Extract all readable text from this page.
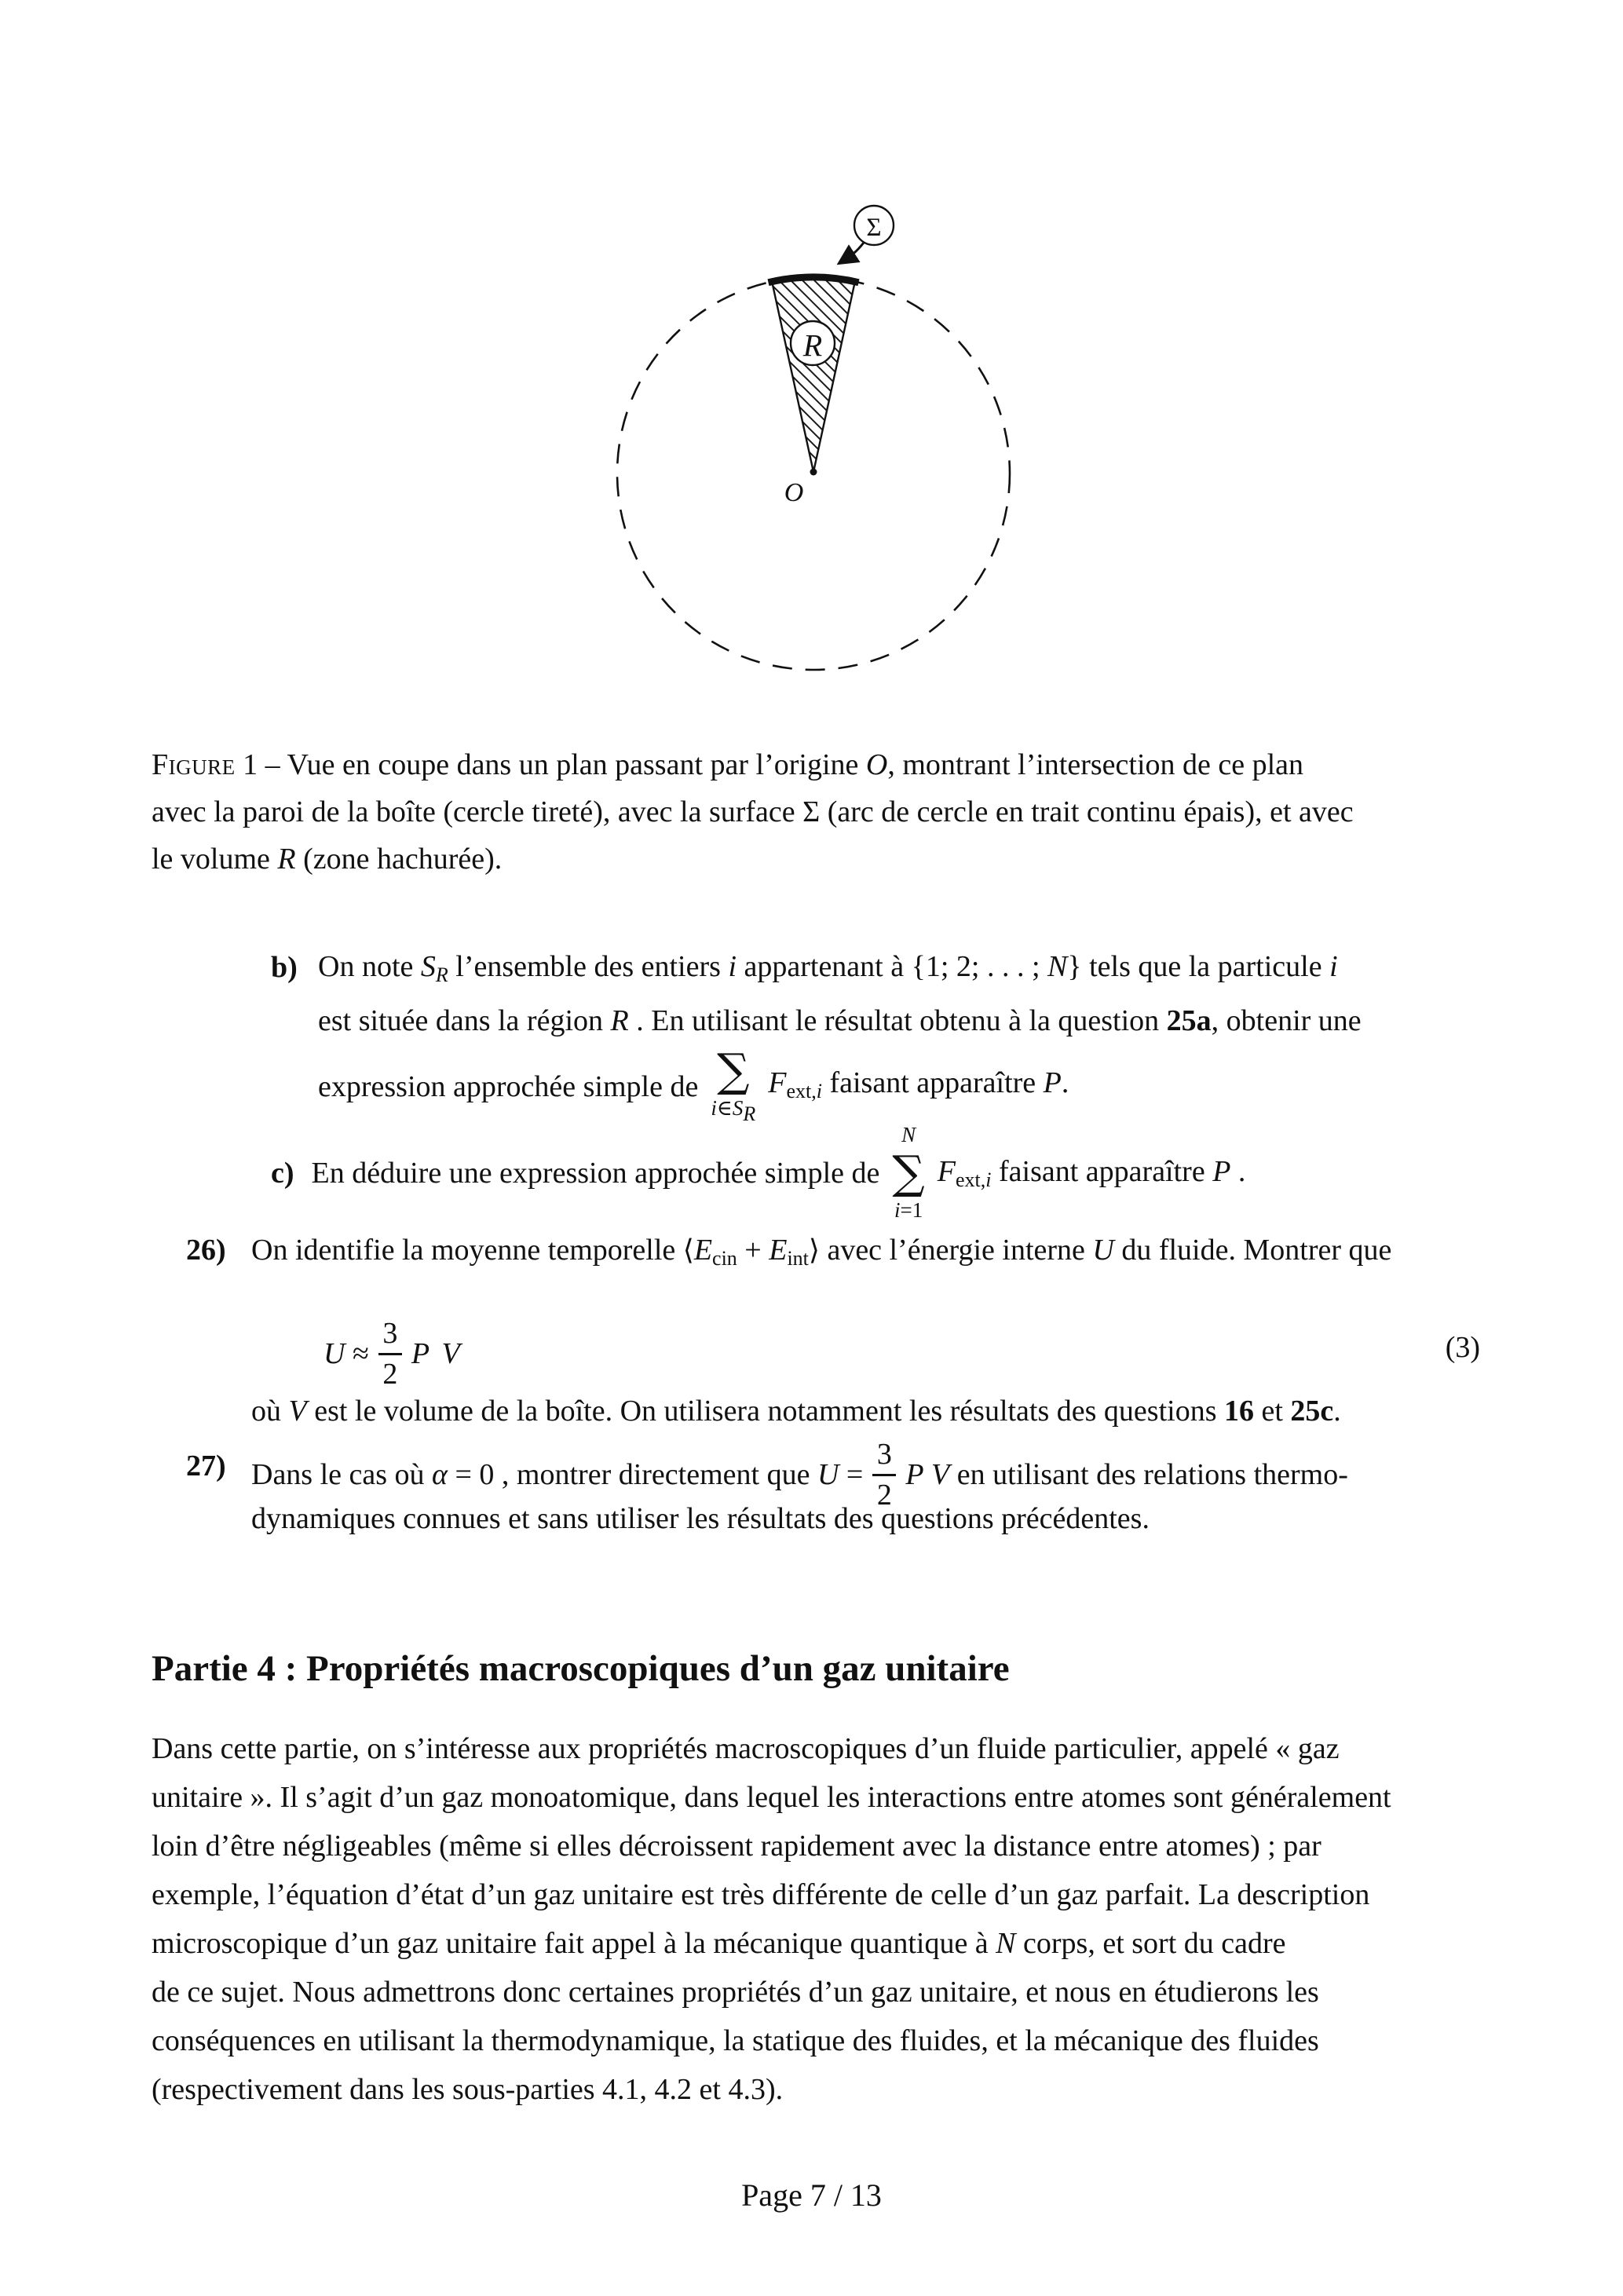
R
Σ
O
Figure 1 – Vue en coupe dans un plan passant par l’origine O, montrant l’intersection de ce plan
avec la paroi de la boîte (cercle tireté), avec la surface Σ (arc de cercle en trait continu épais), et avec
le volume R (zone hachurée).
b) On note SR l’ensemble des entiers i appartenant à {1; 2; . . . ; N} tels que la particule i
est située dans la région R . En utilisant le résultat obtenu à la question 25a, obtenir une
expression approchée simple de ∑
i∈SR
$F_{ext,}i$ faisant apparaître P.
c) En déduire une expression approchée simple de
N
∑
i=1
$F_{ext,}i$ faisant apparaître P .
26) On identifie la moyenne temporelle $⟨E_{cin}$ + $E_{int}⟩$ avec l’énergie interne U du fluide. Montrer que
$U \approx \frac{3}{2}$ P V	(3)
où V est le volume de la boîte. On utilisera notamment les résultats des questions 16 et 25c.
27) Dans le cas où α = 0 , montrer directement que $U = \frac{3}{2}$ P V en utilisant des relations thermo-
dynamiques connues et sans utiliser les résultats des questions précédentes.
Partie 4 : Propriétés macroscopiques d’un gaz unitaire
Dans cette partie, on s’intéresse aux propriétés macroscopiques d’un fluide particulier, appelé « gaz
unitaire ». Il s’agit d’un gaz monoatomique, dans lequel les interactions entre atomes sont généralement
loin d’être négligeables (même si elles décroissent rapidement avec la distance entre atomes) ; par
exemple, l’équation d’état d’un gaz unitaire est très différente de celle d’un gaz parfait. La description
microscopique d’un gaz unitaire fait appel à la mécanique quantique à N corps, et sort du cadre
de ce sujet. Nous admettrons donc certaines propriétés d’un gaz unitaire, et nous en étudierons les
conséquences en utilisant la thermodynamique, la statique des fluides, et la mécanique des fluides
(respectivement dans les sous-parties 4.1, 4.2 et 4.3).
Page 7 / 13
